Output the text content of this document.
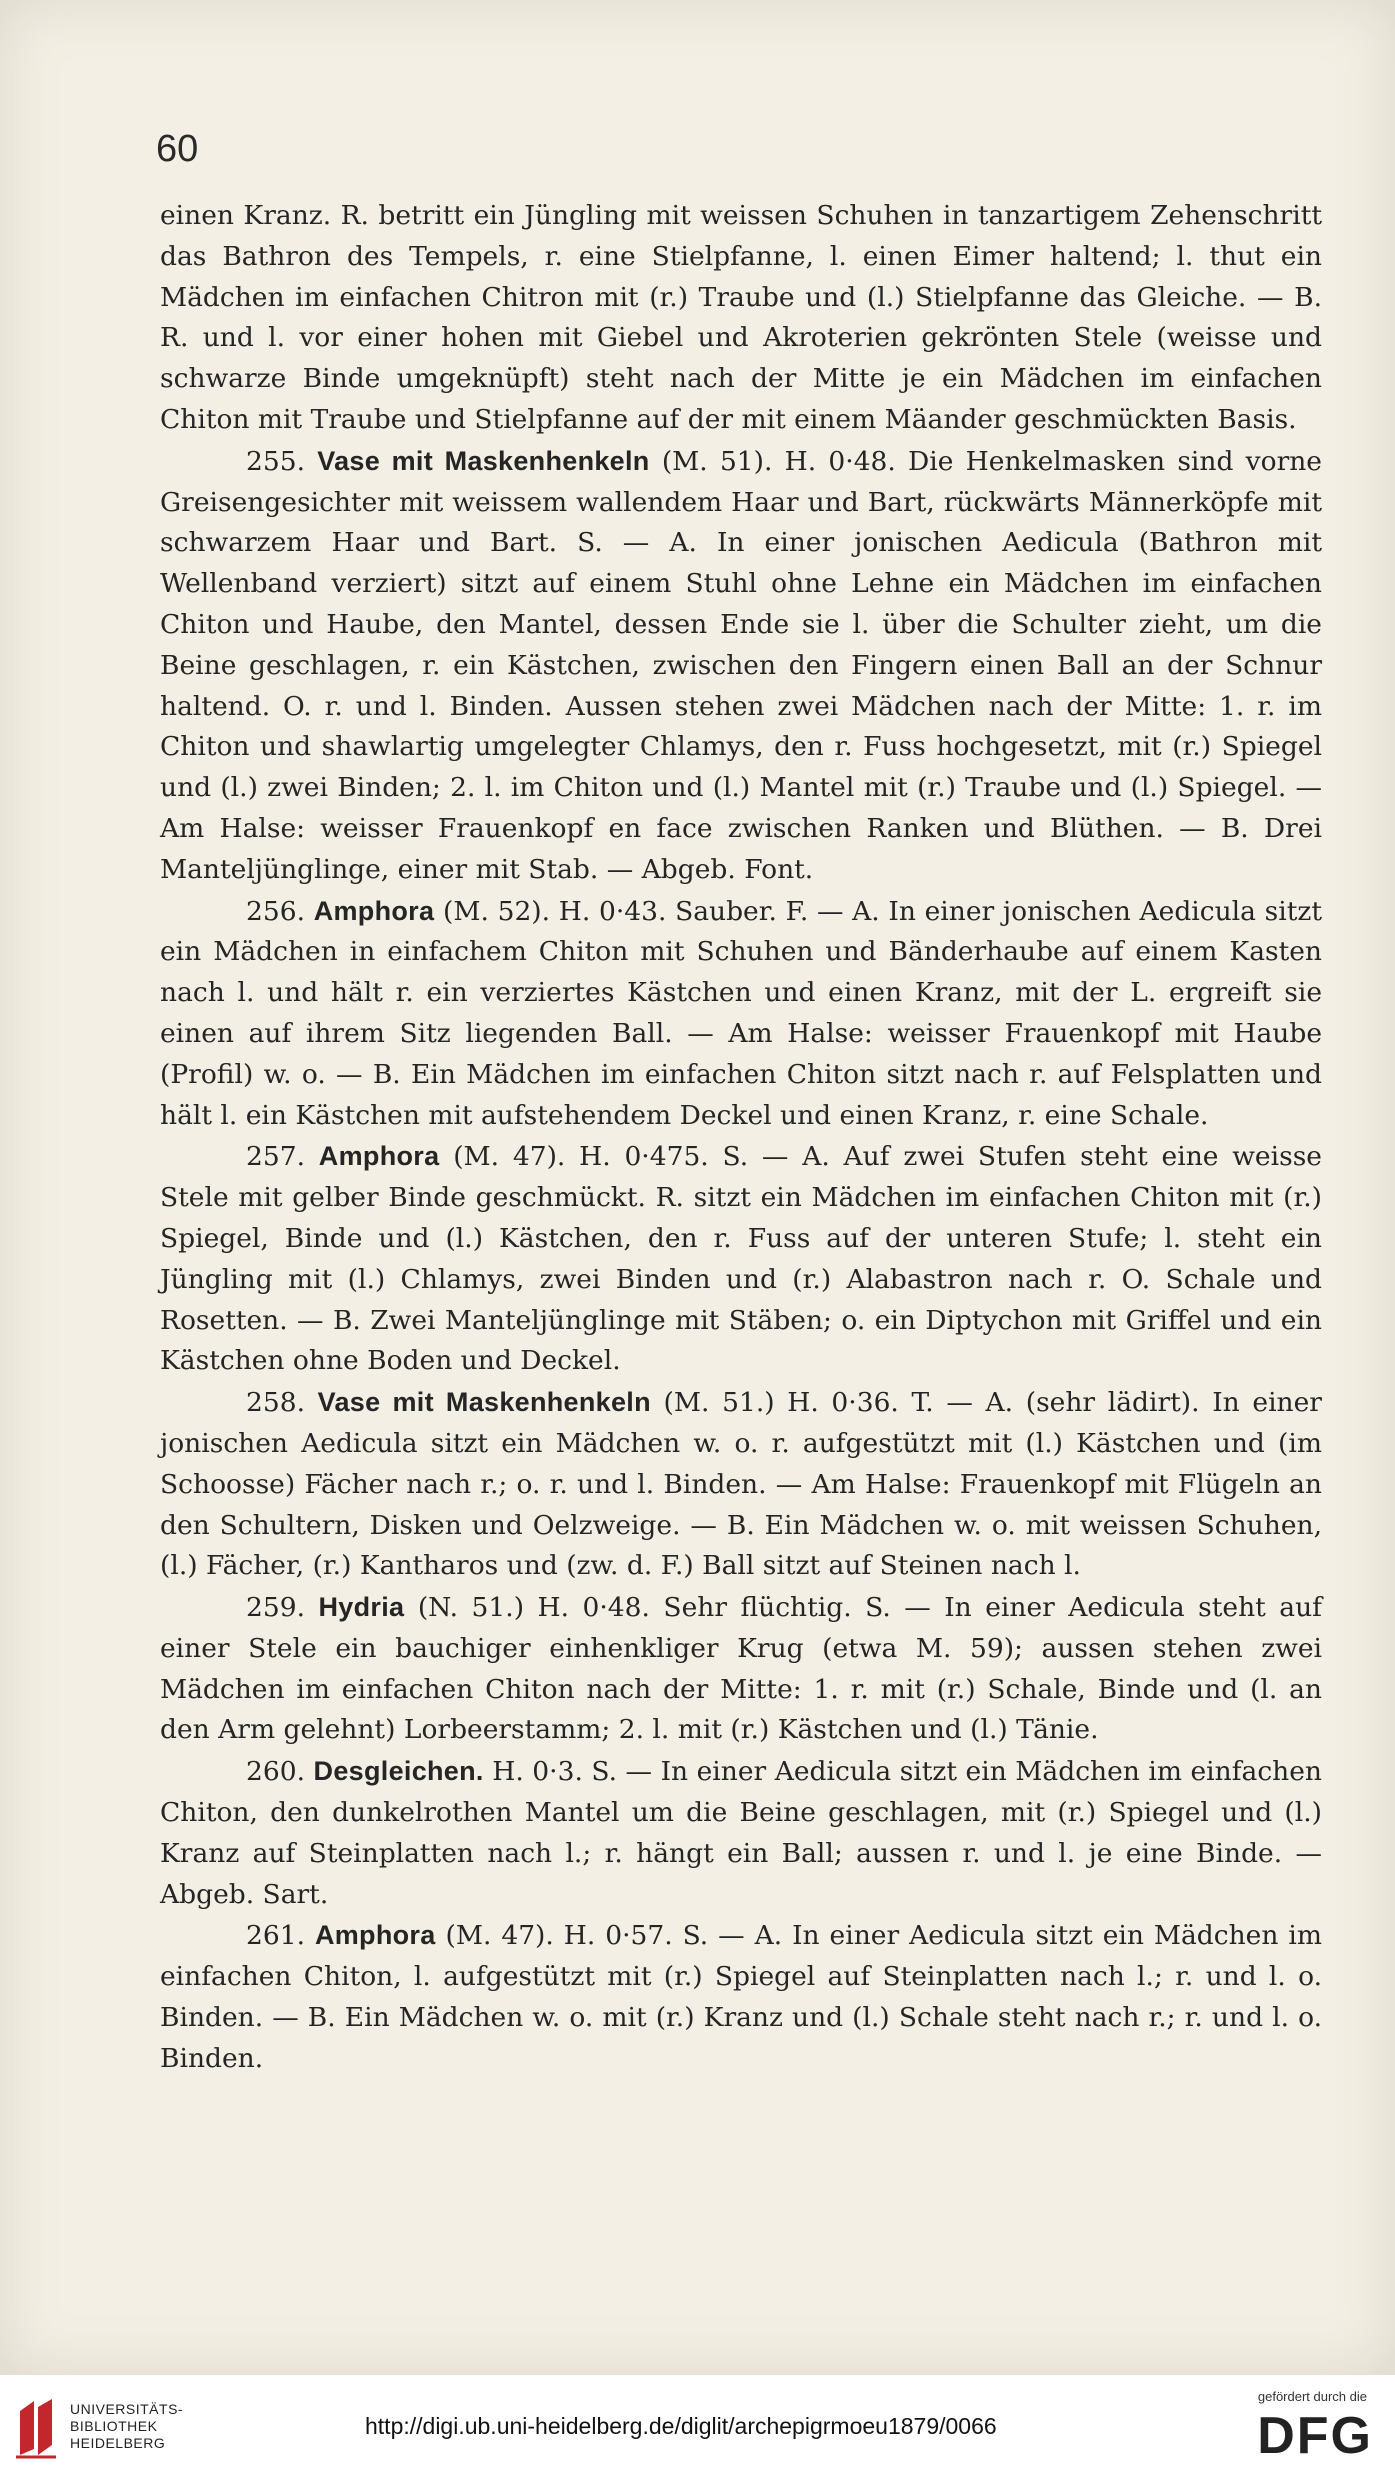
60

einen Kranz. R. betritt ein Jüngling mit weissen Schuhen in tanzartigem Zehenschritt das Bathron des Tempels, r. eine Stielpfanne, l. einen Eimer haltend; l. thut ein Mädchen im einfachen Chitron mit (r.) Traube und (l.) Stielpfanne das Gleiche. — B. R. und l. vor einer hohen mit Giebel und Akroterien gekrönten Stele (weisse und schwarze Binde umgeknüpft) steht nach der Mitte je ein Mädchen im einfachen Chiton mit Traube und Stielpfanne auf der mit einem Mäander geschmückten Basis.

255. Vase mit Maskenhenkeln (M. 51). H. 0·48. Die Henkelmasken sind vorne Greisengesichter mit weissem wallendem Haar und Bart, rückwärts Männerköpfe mit schwarzem Haar und Bart. S. — A. In einer jonischen Aedicula (Bathron mit Wellenband verziert) sitzt auf einem Stuhl ohne Lehne ein Mädchen im einfachen Chiton und Haube, den Mantel, dessen Ende sie l. über die Schulter zieht, um die Beine geschlagen, r. ein Kästchen, zwischen den Fingern einen Ball an der Schnur haltend. O. r. und l. Binden. Aussen stehen zwei Mädchen nach der Mitte: 1. r. im Chiton und shawlartig umgelegter Chlamys, den r. Fuss hochgesetzt, mit (r.) Spiegel und (l.) zwei Binden; 2. l. im Chiton und (l.) Mantel mit (r.) Traube und (l.) Spiegel. — Am Halse: weisser Frauenkopf en face zwischen Ranken und Blüthen. — B. Drei Manteljünglinge, einer mit Stab. — Abgeb. Font.

256. Amphora (M. 52). H. 0·43. Sauber. F. — A. In einer jonischen Aedicula sitzt ein Mädchen in einfachem Chiton mit Schuhen und Bänderhaube auf einem Kasten nach l. und hält r. ein verziertes Kästchen und einen Kranz, mit der L. ergreift sie einen auf ihrem Sitz liegenden Ball. — Am Halse: weisser Frauenkopf mit Haube (Profil) w. o. — B. Ein Mädchen im einfachen Chiton sitzt nach r. auf Felsplatten und hält l. ein Kästchen mit aufstehendem Deckel und einen Kranz, r. eine Schale.

257. Amphora (M. 47). H. 0·475. S. — A. Auf zwei Stufen steht eine weisse Stele mit gelber Binde geschmückt. R. sitzt ein Mädchen im einfachen Chiton mit (r.) Spiegel, Binde und (l.) Kästchen, den r. Fuss auf der unteren Stufe; l. steht ein Jüngling mit (l.) Chlamys, zwei Binden und (r.) Alabastron nach r. O. Schale und Rosetten. — B. Zwei Manteljünglinge mit Stäben; o. ein Diptychon mit Griffel und ein Kästchen ohne Boden und Deckel.

258. Vase mit Maskenhenkeln (M. 51.) H. 0·36. T. — A. (sehr lädirt). In einer jonischen Aedicula sitzt ein Mädchen w. o. r. aufgestützt mit (l.) Kästchen und (im Schoosse) Fächer nach r.; o. r. und l. Binden. — Am Halse: Frauenkopf mit Flügeln an den Schultern, Disken und Oelzweige. — B. Ein Mädchen w. o. mit weissen Schuhen, (l.) Fächer, (r.) Kantharos und (zw. d. F.) Ball sitzt auf Steinen nach l.

259. Hydria (N. 51.) H. 0·48. Sehr flüchtig. S. — In einer Aedicula steht auf einer Stele ein bauchiger einhenkliger Krug (etwa M. 59); aussen stehen zwei Mädchen im einfachen Chiton nach der Mitte: 1. r. mit (r.) Schale, Binde und (l. an den Arm gelehnt) Lorbeerstamm; 2. l. mit (r.) Kästchen und (l.) Tänie.

260. Desgleichen. H. 0·3. S. — In einer Aedicula sitzt ein Mädchen im einfachen Chiton, den dunkelrothen Mantel um die Beine geschlagen, mit (r.) Spiegel und (l.) Kranz auf Steinplatten nach l.; r. hängt ein Ball; aussen r. und l. je eine Binde. — Abgeb. Sart.

261. Amphora (M. 47). H. 0·57. S. — A. In einer Aedicula sitzt ein Mädchen im einfachen Chiton, l. aufgestützt mit (r.) Spiegel auf Steinplatten nach l.; r. und l. o. Binden. — B. Ein Mädchen w. o. mit (r.) Kranz und (l.) Schale steht nach r.; r. und l. o. Binden.

UNIVERSITÄTS-
BIBLIOTHEK
HEIDELBERG
http://digi.ub.uni-heidelberg.de/diglit/archepigrmoeu1879/0066
gefördert durch die
DFG
